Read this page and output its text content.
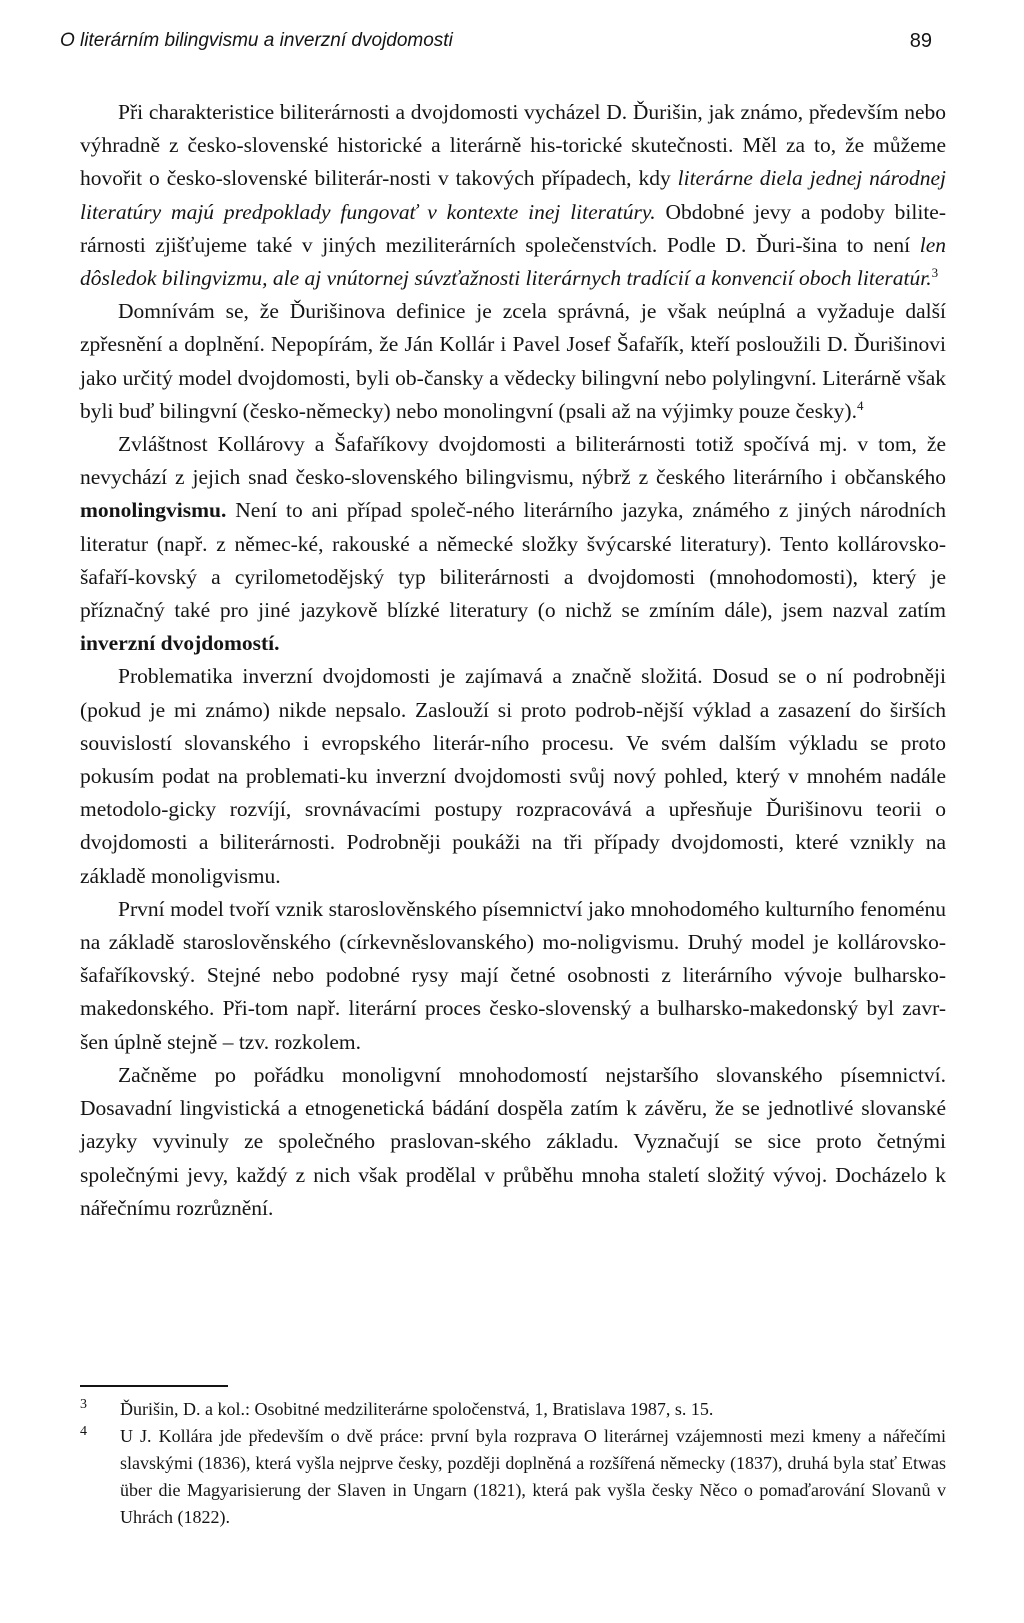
O literárním bilingvismu a inverzní dvojdomosti	89

Při charakteristice biliterárnosti a dvojdomosti vycházel D. Ďurišin, jak známo, především nebo výhradně z česko-slovenské historické a literárně his-torické skutečnosti. Měl za to, že můžeme hovořit o česko-slovenské biliterár-nosti v takových případech, kdy literárne diela jednej národnej literatúry majú predpoklady fungovať v kontexte inej literatúry. Obdobné jevy a podoby bilite-rárnosti zjišťujeme také v jiných meziliterárních společenstvích. Podle D. Ďuri-šina to není len dôsledok bilingvizmu, ale aj vnútornej súvzťažnosti literárnych tradícií a konvencií oboch literatúr.$^3$

Domnívám se, že Ďurišinova definice je zcela správná, je však neúplná a vyžaduje další zpřesnění a doplnění. Nepopírám, že Ján Kollár i Pavel Josef Šafařík, kteří posloužili D. Ďurišinovi jako určitý model dvojdomosti, byli ob-čansky a vědecky bilingvní nebo polylingvní. Literárně však byli buď bilingvní (česko-německy) nebo monolingvní (psali až na výjimky pouze česky).$^4$

Zvláštnost Kollárovy a Šafaříkovy dvojdomosti a biliterárnosti totiž spočívá mj. v tom, že nevychází z jejich snad česko-slovenského bilingvismu, nýbrž z českého literárního i občanského monolingvismu. Není to ani případ společ-ného literárního jazyka, známého z jiných národních literatur (např. z němec-ké, rakouské a německé složky švýcarské literatury). Tento kollárovsko-šafaří-kovský a cyrilometodějský typ biliterárnosti a dvojdomosti (mnohodomosti), který je příznačný také pro jiné jazykově blízké literatury (o nichž se zmíním dále), jsem nazval zatím inverzní dvojdomostí.

Problematika inverzní dvojdomosti je zajímavá a značně složitá. Dosud se o ní podrobněji (pokud je mi známo) nikde nepsalo. Zaslouží si proto podrob-nější výklad a zasazení do širších souvislostí slovanského i evropského literár-ního procesu. Ve svém dalším výkladu se proto pokusím podat na problemati-ku inverzní dvojdomosti svůj nový pohled, který v mnohém nadále metodolo-gicky rozvíjí, srovnávacími postupy rozpracovává a upřesňuje Ďurišinovu teorii o dvojdomosti a biliterárnosti. Podrobněji poukáži na tři případy dvojdomosti, které vznikly na základě monoligvismu.

První model tvoří vznik staroslověnského písemnictví jako mnohodomého kulturního fenoménu na základě staroslověnského (církevněslovanského) mo-noligvismu. Druhý model je kollárovsko-šafaříkovský. Stejné nebo podobné rysy mají četné osobnosti z literárního vývoje bulharsko-makedonského. Při-tom např. literární proces česko-slovenský a bulharsko-makedonský byl zavr-šen úplně stejně – tzv. rozkolem.

Začněme po pořádku monoligvní mnohodomostí nejstaršího slovanského písemnictví. Dosavadní lingvistická a etnogenetická bádání dospěla zatím k závěru, že se jednotlivé slovanské jazyky vyvinuly ze společného praslovan-ského základu. Vyznačují se sice proto četnými společnými jevy, každý z nich však prodělal v průběhu mnoha staletí složitý vývoj. Docházelo k nářečnímu rozrůznění.

3 Ďurišin, D. a kol.: Osobitné medziliterárne spoločenstvá, 1, Bratislava 1987, s. 15.
4 U J. Kollára jde především o dvě práce: první byla rozprava O literárnej vzájemnosti mezi kmeny a nářečími slavskými (1836), která vyšla nejprve česky, později doplněná a rozšířená německy (1837), druhá byla stať Etwas über die Magyarisierung der Slaven in Ungarn (1821), která pak vyšla česky Něco o pomaďarování Slovanů v Uhrách (1822).
